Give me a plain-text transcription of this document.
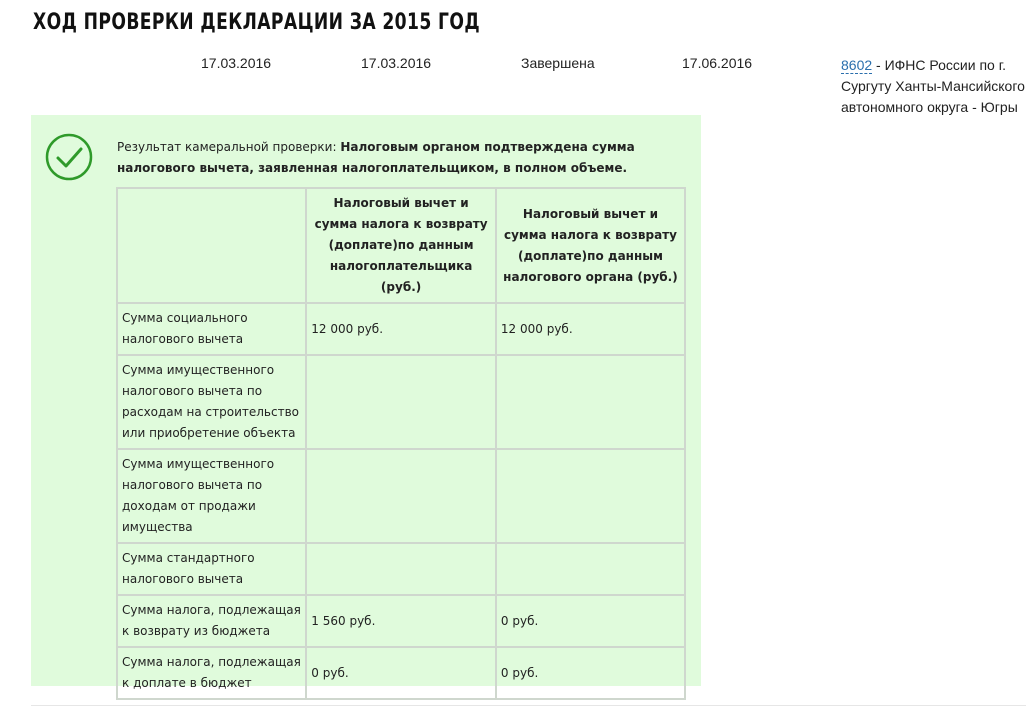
ХОД ПРОВЕРКИ ДЕКЛАРАЦИИ ЗА 2015 ГОД
17.03.2016	17.03.2016	Завершена	17.06.2016	8602 - ИФНС России по г. Сургуту Ханты-Мансийского автономного округа - Югры
Результат камеральной проверки: Налоговым органом подтверждена сумма налогового вычета, заявленная налогоплательщиком, в полном объеме.
	Налоговый вычет и сумма налога к возврату (доплате)по данным налогоплательщика (руб.)	Налоговый вычет и сумма налога к возврату (доплате)по данным налогового органа (руб.)
Сумма социального налогового вычета	12 000 руб.	12 000 руб.
Сумма имущественного налогового вычета по расходам на строительство или приобретение объекта		
Сумма имущественного налогового вычета по доходам от продажи имущества		
Сумма стандартного налогового вычета		
Сумма налога, подлежащая к возврату из бюджета	1 560 руб.	0 руб.
Сумма налога, подлежащая к доплате в бюджет	0 руб.	0 руб.
